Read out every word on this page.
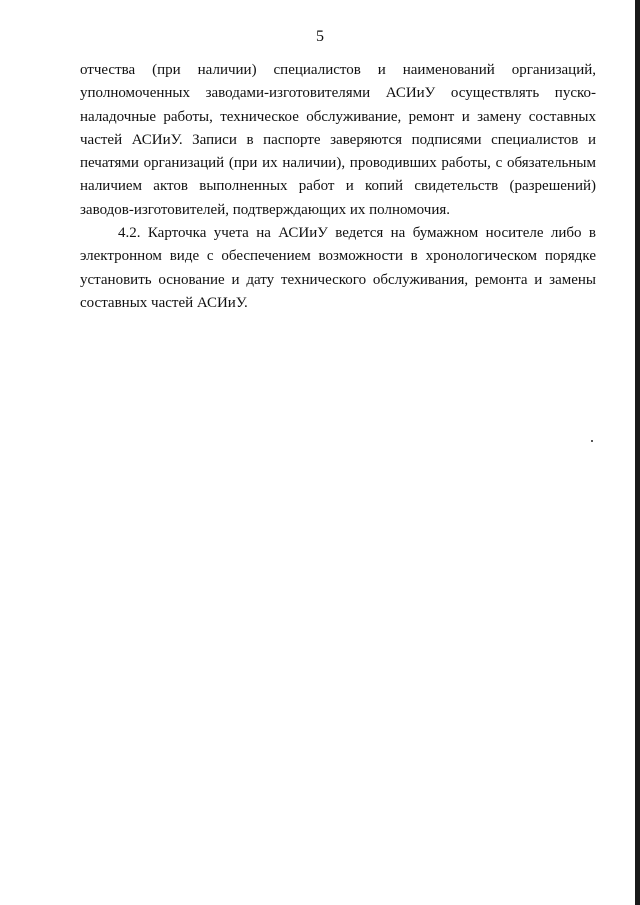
5

отчества (при наличии) специалистов и наименований организаций, уполномоченных заводами-изготовителями АСИиУ осуществлять пуско-наладочные работы, техническое обслуживание, ремонт и замену составных частей АСИиУ. Записи в паспорте заверяются подписями специалистов и печатями организаций (при их наличии), проводивших работы, с обязательным наличием актов выполненных работ и копий свидетельств (разрешений) заводов-изготовителей, подтверждающих их полномочия.

4.2. Карточка учета на АСИиУ ведется на бумажном носителе либо в электронном виде с обеспечением возможности в хронологическом порядке установить основание и дату технического обслуживания, ремонта и замены составных частей АСИиУ.
